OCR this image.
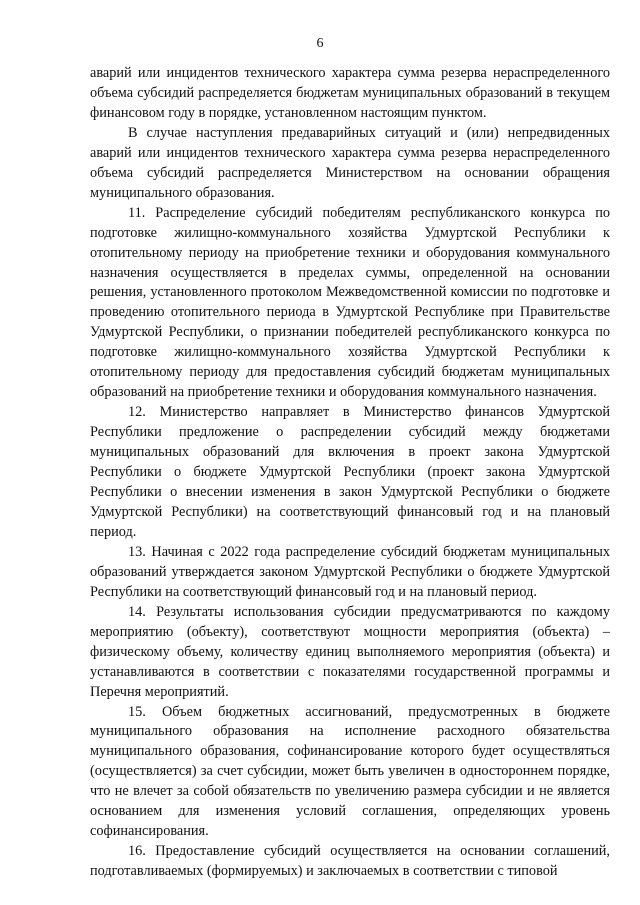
6

аварий или инцидентов технического характера сумма резерва нераспределенного объема субсидий распределяется бюджетам муниципальных образований в текущем финансовом году в порядке, установленном настоящим пунктом.

В случае наступления предаварийных ситуаций и (или) непредвиденных аварий или инцидентов технического характера сумма резерва нераспределенного объема субсидий распределяется Министерством на основании обращения муниципального образования.

11. Распределение субсидий победителям республиканского конкурса по подготовке жилищно-коммунального хозяйства Удмуртской Республики к отопительному периоду на приобретение техники и оборудования коммунального назначения осуществляется в пределах суммы, определенной на основании решения, установленного протоколом Межведомственной комиссии по подготовке и проведению отопительного периода в Удмуртской Республике при Правительстве Удмуртской Республики, о признании победителей республиканского конкурса по подготовке жилищно-коммунального хозяйства Удмуртской Республики к отопительному периоду для предоставления субсидий бюджетам муниципальных образований на приобретение техники и оборудования коммунального назначения.

12. Министерство направляет в Министерство финансов Удмуртской Республики предложение о распределении субсидий между бюджетами муниципальных образований для включения в проект закона Удмуртской Республики о бюджете Удмуртской Республики (проект закона Удмуртской Республики о внесении изменения в закон Удмуртской Республики о бюджете Удмуртской Республики) на соответствующий финансовый год и на плановый период.

13. Начиная с 2022 года распределение субсидий бюджетам муниципальных образований утверждается законом Удмуртской Республики о бюджете Удмуртской Республики на соответствующий финансовый год и на плановый период.

14. Результаты использования субсидии предусматриваются по каждому мероприятию (объекту), соответствуют мощности мероприятия (объекта) – физическому объему, количеству единиц выполняемого мероприятия (объекта) и устанавливаются в соответствии с показателями государственной программы и Перечня мероприятий.

15. Объем бюджетных ассигнований, предусмотренных в бюджете муниципального образования на исполнение расходного обязательства муниципального образования, софинансирование которого будет осуществляться (осуществляется) за счет субсидии, может быть увеличен в одностороннем порядке, что не влечет за собой обязательств по увеличению размера субсидии и не является основанием для изменения условий соглашения, определяющих уровень софинансирования.

16. Предоставление субсидий осуществляется на основании соглашений, подготавливаемых (формируемых) и заключаемых в соответствии с типовой
